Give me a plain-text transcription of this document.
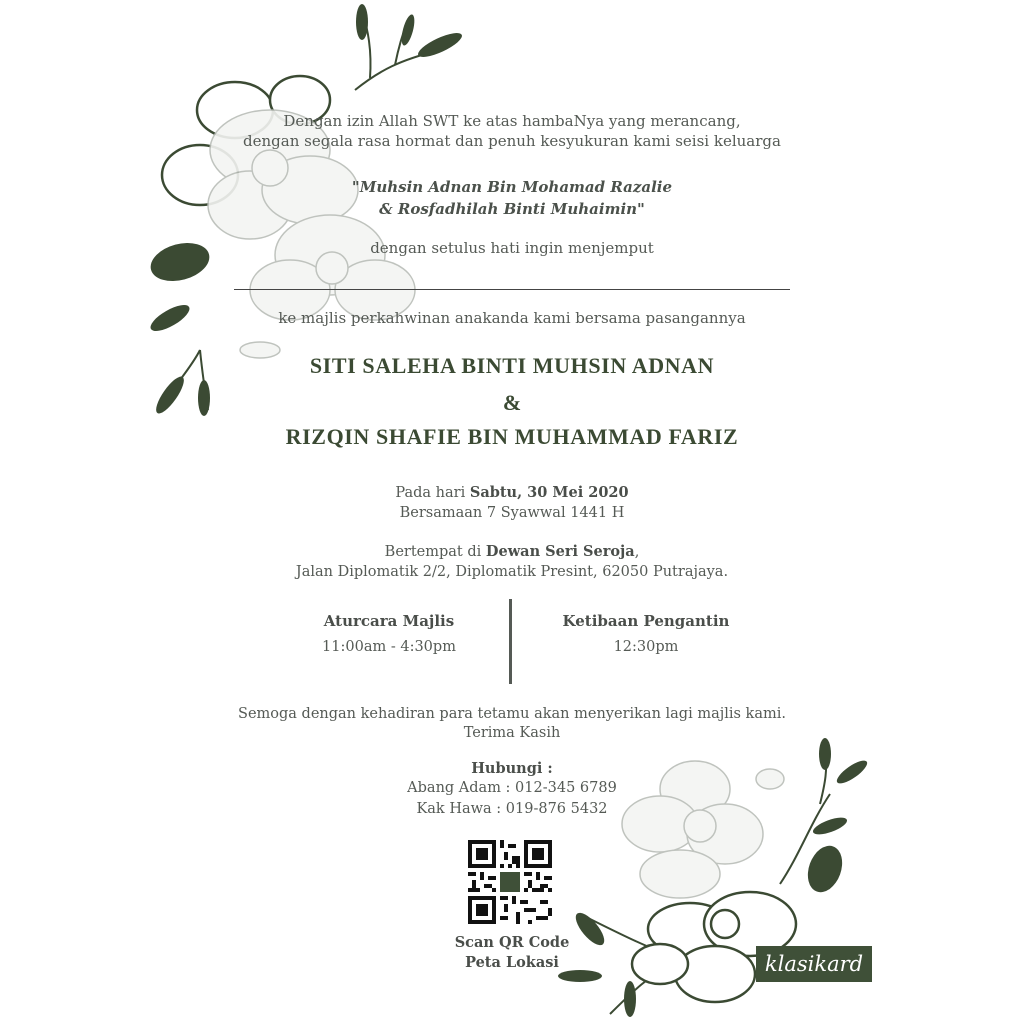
Dengan izin Allah SWT ke atas hambaNya yang merancang,
dengan segala rasa hormat dan penuh kesyukuran kami seisi keluarga
"Muhsin Adnan Bin Mohamad Razalie
& Rosfadhilah Binti Muhaimin"
dengan setulus hati ingin menjemput
ke majlis perkahwinan anakanda kami bersama pasangannya
SITI SALEHA BINTI MUHSIN ADNAN
&
RIZQIN SHAFIE BIN MUHAMMAD FARIZ
Pada hari Sabtu, 30 Mei 2020
Bersamaan 7 Syawwal 1441 H
Bertempat di Dewan Seri Seroja,
Jalan Diplomatik 2/2, Diplomatik Presint, 62050 Putrajaya.
Aturcara Majlis
11:00am - 4:30pm
Ketibaan Pengantin
12:30pm
Semoga dengan kehadiran para tetamu akan menyerikan lagi majlis kami.
Terima Kasih
Hubungi :
Abang Adam : 012-345 6789
Kak Hawa : 019-876 5432
Scan QR Code
Peta Lokasi	klasikard
